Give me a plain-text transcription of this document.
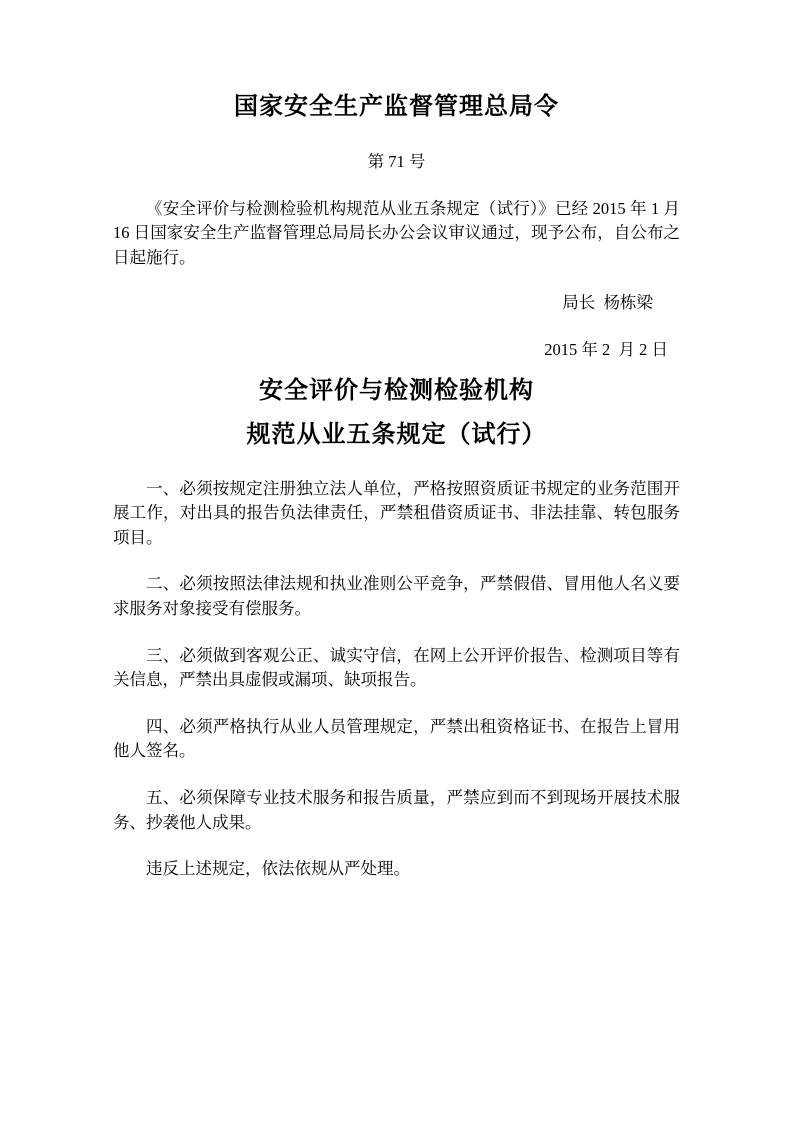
国家安全生产监督管理总局令
第 71 号

《安全评价与检测检验机构规范从业五条规定（试行）》已经 2015 年 1 月 16 日国家安全生产监督管理总局局长办公会议审议通过，现予公布，自公布之日起施行。

局长  杨栋梁
2015 年 2  月 2 日
安全评价与检测检验机构
规范从业五条规定（试行）

一、必须按规定注册独立法人单位，严格按照资质证书规定的业务范围开展工作，对出具的报告负法律责任，严禁租借资质证书、非法挂靠、转包服务项目。

二、必须按照法律法规和执业准则公平竞争，严禁假借、冒用他人名义要求服务对象接受有偿服务。

三、必须做到客观公正、诚实守信，在网上公开评价报告、检测项目等有关信息，严禁出具虚假或漏项、缺项报告。

四、必须严格执行从业人员管理规定，严禁出租资格证书、在报告上冒用他人签名。

五、必须保障专业技术服务和报告质量，严禁应到而不到现场开展技术服务、抄袭他人成果。

违反上述规定，依法依规从严处理。
